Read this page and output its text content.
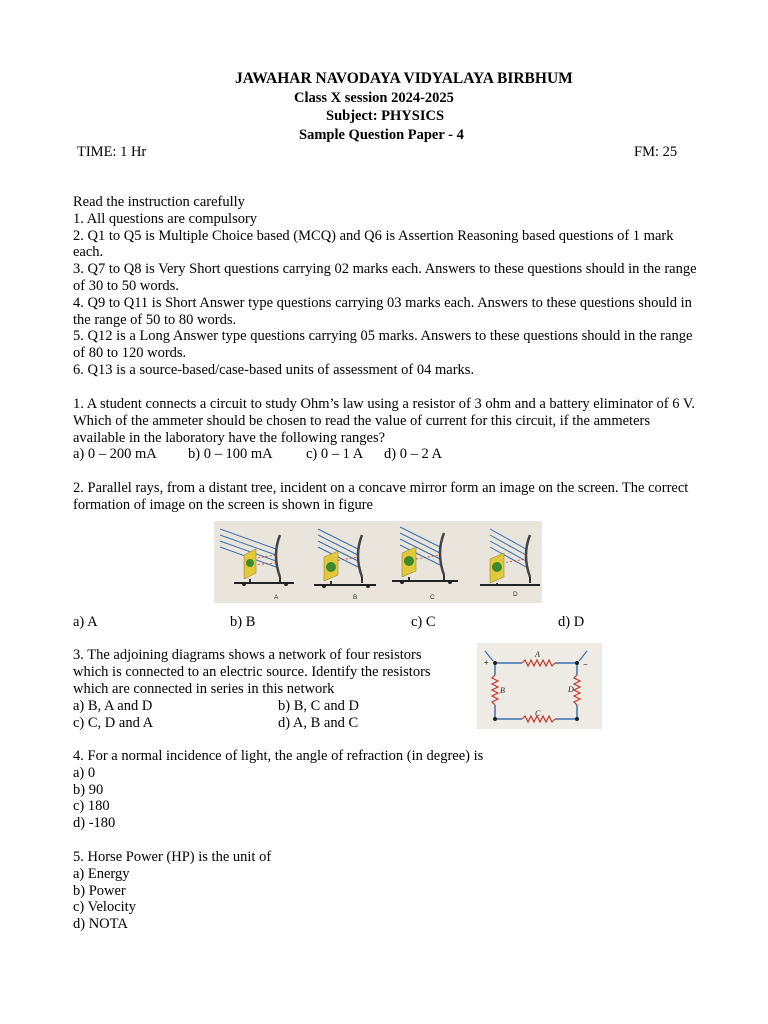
JAWAHAR NAVODAYA VIDYALAYA BIRBHUM
Class X session 2024-2025
Subject: PHYSICS
Sample Question Paper - 4
TIME: 1 Hr	FM: 25
Read the instruction carefully
1. All questions are compulsory
2. Q1 to Q5 is Multiple Choice based (MCQ) and Q6 is Assertion Reasoning based questions of 1 mark each.
3. Q7 to Q8 is Very Short questions carrying 02 marks each. Answers to these questions should in the range of 30 to 50 words.
4. Q9 to Q11 is Short Answer type questions carrying 03 marks each. Answers to these questions should in the range of 50 to 80 words.
5. Q12 is a Long Answer type questions carrying 05 marks. Answers to these questions should in the range of 80 to 120 words.
6. Q13 is a source-based/case-based units of assessment of 04 marks.
1. A student connects a circuit to study Ohm’s law using a resistor of 3 ohm and a battery eliminator of 6 V. Which of the ammeter should be chosen to read the value of current for this circuit, if the ammeters available in the laboratory have the following ranges?
a) 0 – 200 mA b) 0 – 100 mA c) 0 – 1 A d) 0 – 2 A
2. Parallel rays, from a distant tree, incident on a concave mirror form an image on the screen. The correct formation of image on the screen is shown in figure
A	B	C	D
a) A	b) B	c) C	d) D
3. The adjoining diagrams shows a network of four resistors
which is connected to an electric source. Identify the resistors
which are connected in series in this network
a) B, A and D	b) B, C and D
c) C, D and A	d) A, B and C
A
B
C
D
+	−
4. For a normal incidence of light, the angle of refraction (in degree) is
a) 0
b) 90
c) 180
d) -180
5. Horse Power (HP) is the unit of
a) Energy
b) Power
c) Velocity
d) NOTA
